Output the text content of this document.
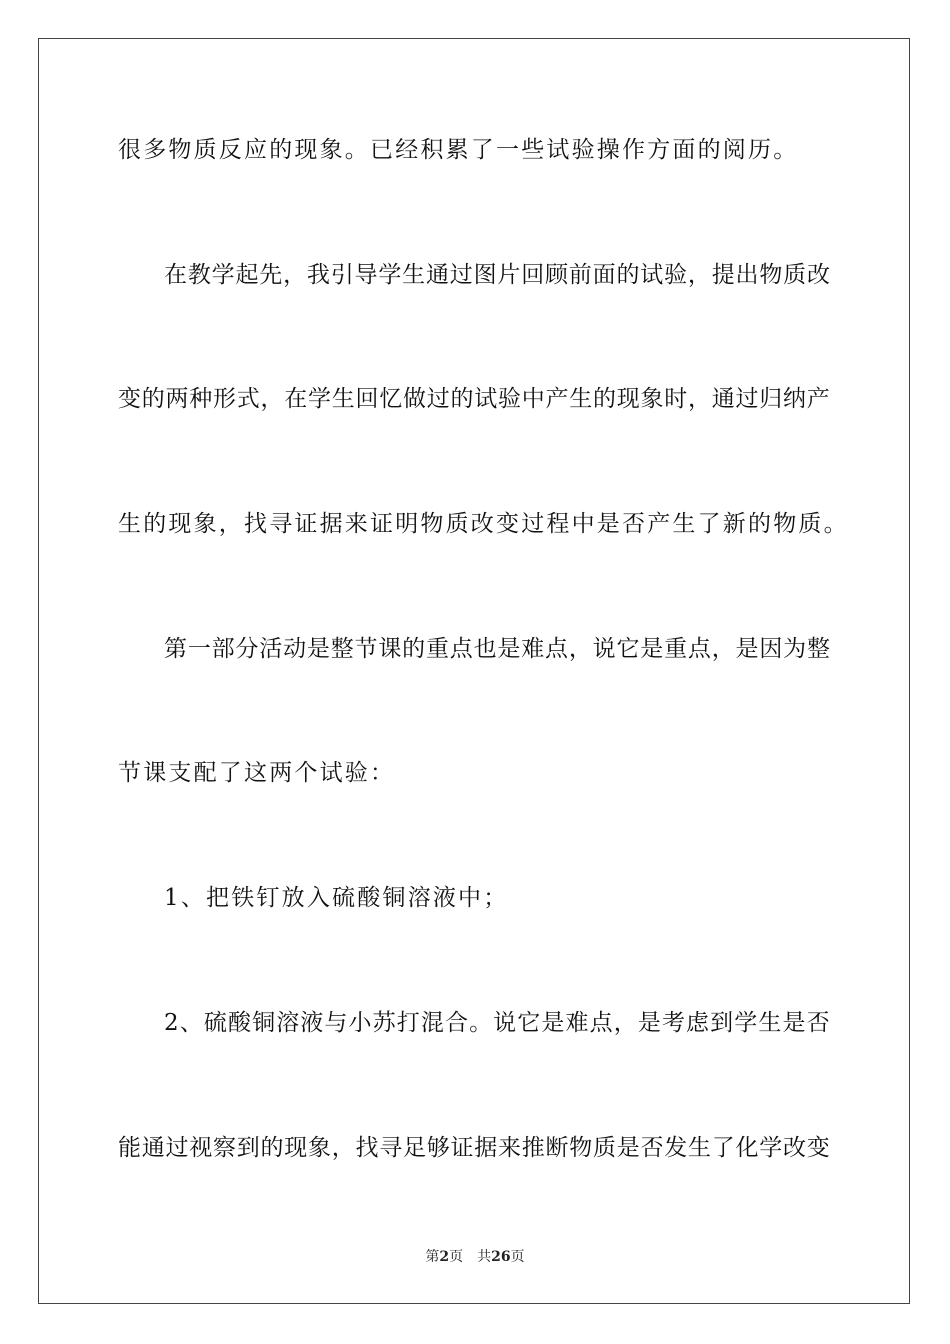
很多物质反应的现象。已经积累了一些试验操作方面的阅历。
在 教 学 起 先 ， 我 引 导 学 生 通 过 图 片 回 顾 前 面 的 试 验 ， 提 出 物 质 改
变 的 两 种 形 式 ， 在 学 生 回 忆 做 过 的 试 验 中 产 生 的 现 象 时 ， 通 过 归 纳 产
生的现象，找寻证据来证明物质改变过程中是否产生了新的物质。
第 一 部 分 活 动 是 整 节 课 的 重 点 也 是 难 点 ， 说 它 是 重 点 ， 是 因 为 整
节课支配了这两个试验：
1、把铁钉放入硫酸铜溶液中；
2 、 硫 酸 铜 溶 液 与 小 苏 打 混 合 。 说 它 是 难 点 ， 是 考 虑 到 学 生 是 否
能 通 过 视 察 到 的 现 象 ， 找 寻 足 够 证 据 来 推 断 物 质 是 否 发 生 了 化 学 改 变
第2页 共26页
